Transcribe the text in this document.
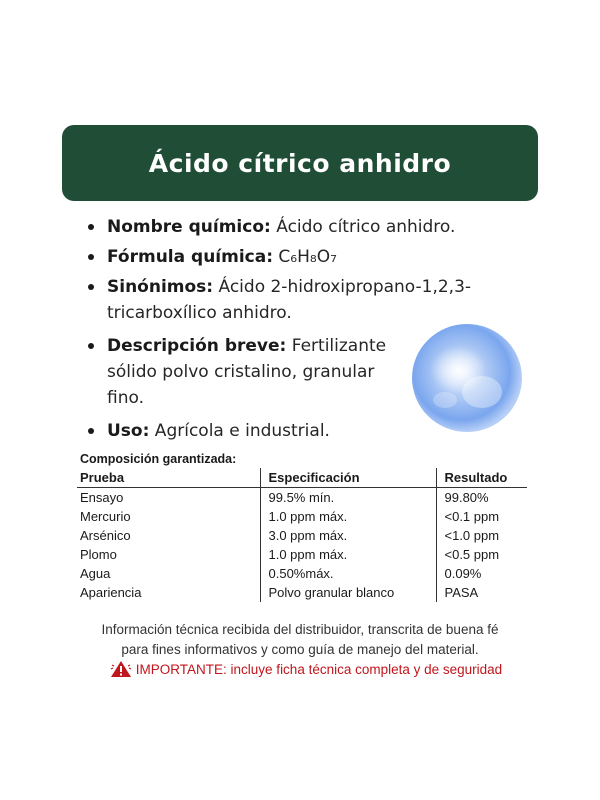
Ácido cítrico anhidro
Nombre químico: Ácido cítrico anhidro.
Fórmula química: C₆H₈O₇
Sinónimos: Ácido 2-hidroxipropano-1,2,3-tricarboxílico anhidro.
Descripción breve: Fertilizante sólido polvo cristalino, granular fino.
Uso: Agrícola e industrial.
Composición garantizada:
Prueba	Especificación	Resultado
Ensayo	99.5% mín.	99.80%
Mercurio	1.0 ppm máx.	<0.1 ppm
Arsénico	3.0 ppm máx.	<1.0 ppm
Plomo	1.0 ppm máx.	<0.5 ppm
Agua	0.50%máx.	0.09%
Apariencia	Polvo granular blanco	PASA
Información técnica recibida del distribuidor, transcrita de buena fé
para fines informativos y como guía de manejo del material.
IMPORTANTE: incluye ficha técnica completa y de seguridad
